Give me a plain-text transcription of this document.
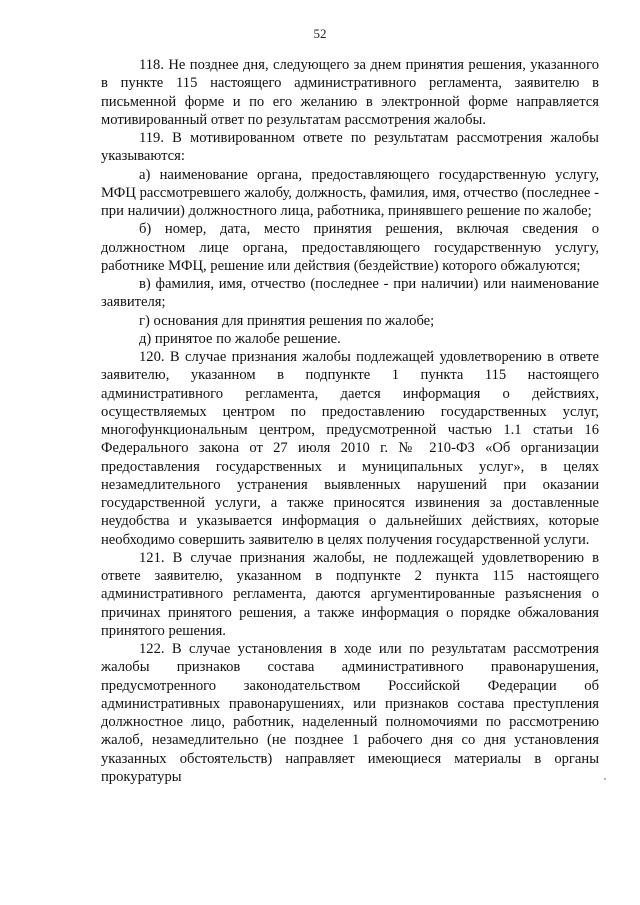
52

118. Не позднее дня, следующего за днем принятия решения, указанного в пункте 115 настоящего административного регламента, заявителю в письменной форме и по его желанию в электронной форме направляется мотивированный ответ по результатам рассмотрения жалобы.

119. В мотивированном ответе по результатам рассмотрения жалобы указываются:

а) наименование органа, предоставляющего государственную услугу, МФЦ рассмотревшего жалобу, должность, фамилия, имя, отчество (последнее - при наличии) должностного лица, работника, принявшего решение по жалобе;

б) номер, дата, место принятия решения, включая сведения о должностном лице органа, предоставляющего государственную услугу, работнике МФЦ, решение или действия (бездействие) которого обжалуются;

в) фамилия, имя, отчество (последнее - при наличии) или наименование заявителя;

г) основания для принятия решения по жалобе;

д) принятое по жалобе решение.

120. В случае признания жалобы подлежащей удовлетворению в ответе заявителю, указанном в подпункте 1 пункта 115 настоящего административного регламента, дается информация о действиях, осуществляемых центром по предоставлению государственных услуг, многофункциональным центром, предусмотренной частью 1.1 статьи 16 Федерального закона от 27 июля 2010 г. № 210-ФЗ «Об организации предоставления государственных и муниципальных услуг», в целях незамедлительного устранения выявленных нарушений при оказании государственной услуги, а также приносятся извинения за доставленные неудобства и указывается информация о дальнейших действиях, которые необходимо совершить заявителю в целях получения государственной услуги.

121. В случае признания жалобы, не подлежащей удовлетворению в ответе заявителю, указанном в подпункте 2 пункта 115 настоящего административного регламента, даются аргументированные разъяснения о причинах принятого решения, а также информация о порядке обжалования принятого решения.

122. В случае установления в ходе или по результатам рассмотрения жалобы признаков состава административного правонарушения, предусмотренного законодательством Российской Федерации об административных правонарушениях, или признаков состава преступления должностное лицо, работник, наделенный полномочиями по рассмотрению жалоб, незамедлительно (не позднее 1 рабочего дня со дня установления указанных обстоятельств) направляет имеющиеся материалы в органы прокуратуры
